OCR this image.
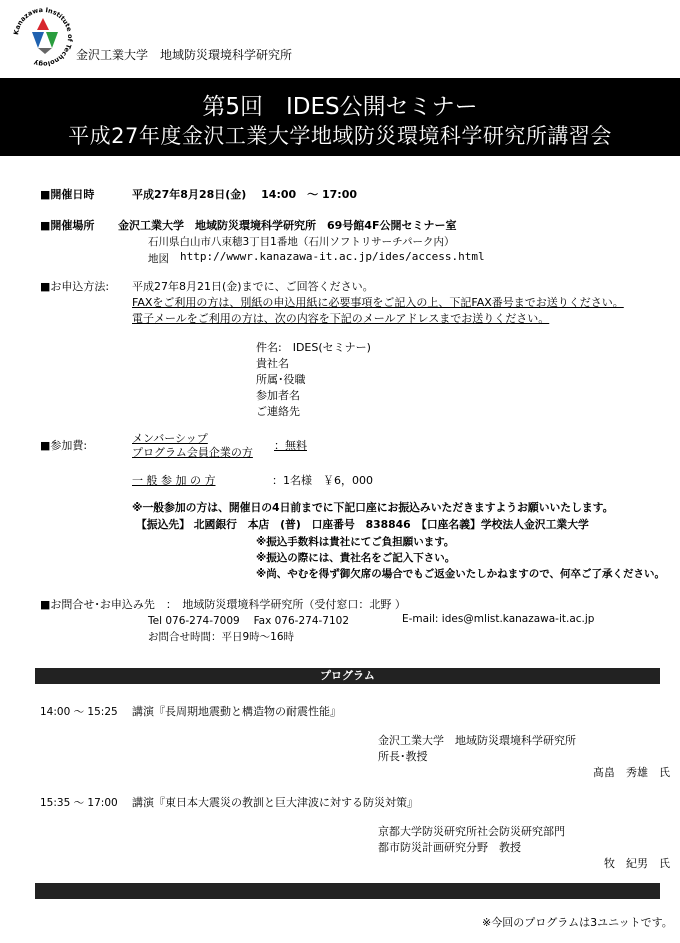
Kanazawa Institute of Technology
金沢工業大学　地域防災環境科学研究所
第5回　IDES公開セミナー
平成27年度金沢工業大学地域防災環境科学研究所講習会
■開催日時	平成27年8月28日(金)　 14:00　～ 17:00
■開催場所 金沢工業大学　地域防災環境科学研究所　69号館4F公開セミナー室
石川県白山市八束穂3丁目1番地（石川ソフトリサーチパーク内）
地図 http://wwwr.kanazawa-it.ac.jp/ides/access.html
■お申込方法: 平成27年8月21日(金)までに、ご回答ください。
FAXをご利用の方は、別紙の申込用紙に必要事項をご記入の上、下記FAX番号までお送りください。
電子メールをご利用の方は、次の内容を下記のメールアドレスまでお送りください。
件名:　IDES(セミナー)
貴社名
所属･役職
参加者名
ご連絡先
■参加費:
メンバーシップ
プログラム会員企業の方
：無料
一 般 参 加 の 方	：1名様　￥6，000
※一般参加の方は、開催日の4日前までに下記口座にお振込みいただきますようお願いいたします。
【振込先】 北國銀行　本店　(普)　口座番号　838846　【口座名義】学校法人金沢工業大学
※振込手数料は貴社にてご負担願います。
※振込の際には、貴社名をご記入下さい。
※尚、やむを得ず御欠席の場合でもご返金いたしかねますので、何卒ご了承ください。
■お問合せ･お申込み先　：　地域防災環境科学研究所（受付窓口：北野 ）
Tel 076-274-7009　 Fax 076-274-7102	E-mail: ides@mlist.kanazawa-it.ac.jp
お問合せ時間：平日9時～16時
プログラム
14:00 ～ 15:25 講演『長周期地震動と構造物の耐震性能』
金沢工業大学　地域防災環境科学研究所
所長･教授
髙畠　秀雄　氏
15:35 ～ 17:00 講演『東日本大震災の教訓と巨大津波に対する防災対策』
京都大学防災研究所社会防災研究部門
都市防災計画研究分野　教授
牧　紀男　氏
※今回のプログラムは3ユニットです。
